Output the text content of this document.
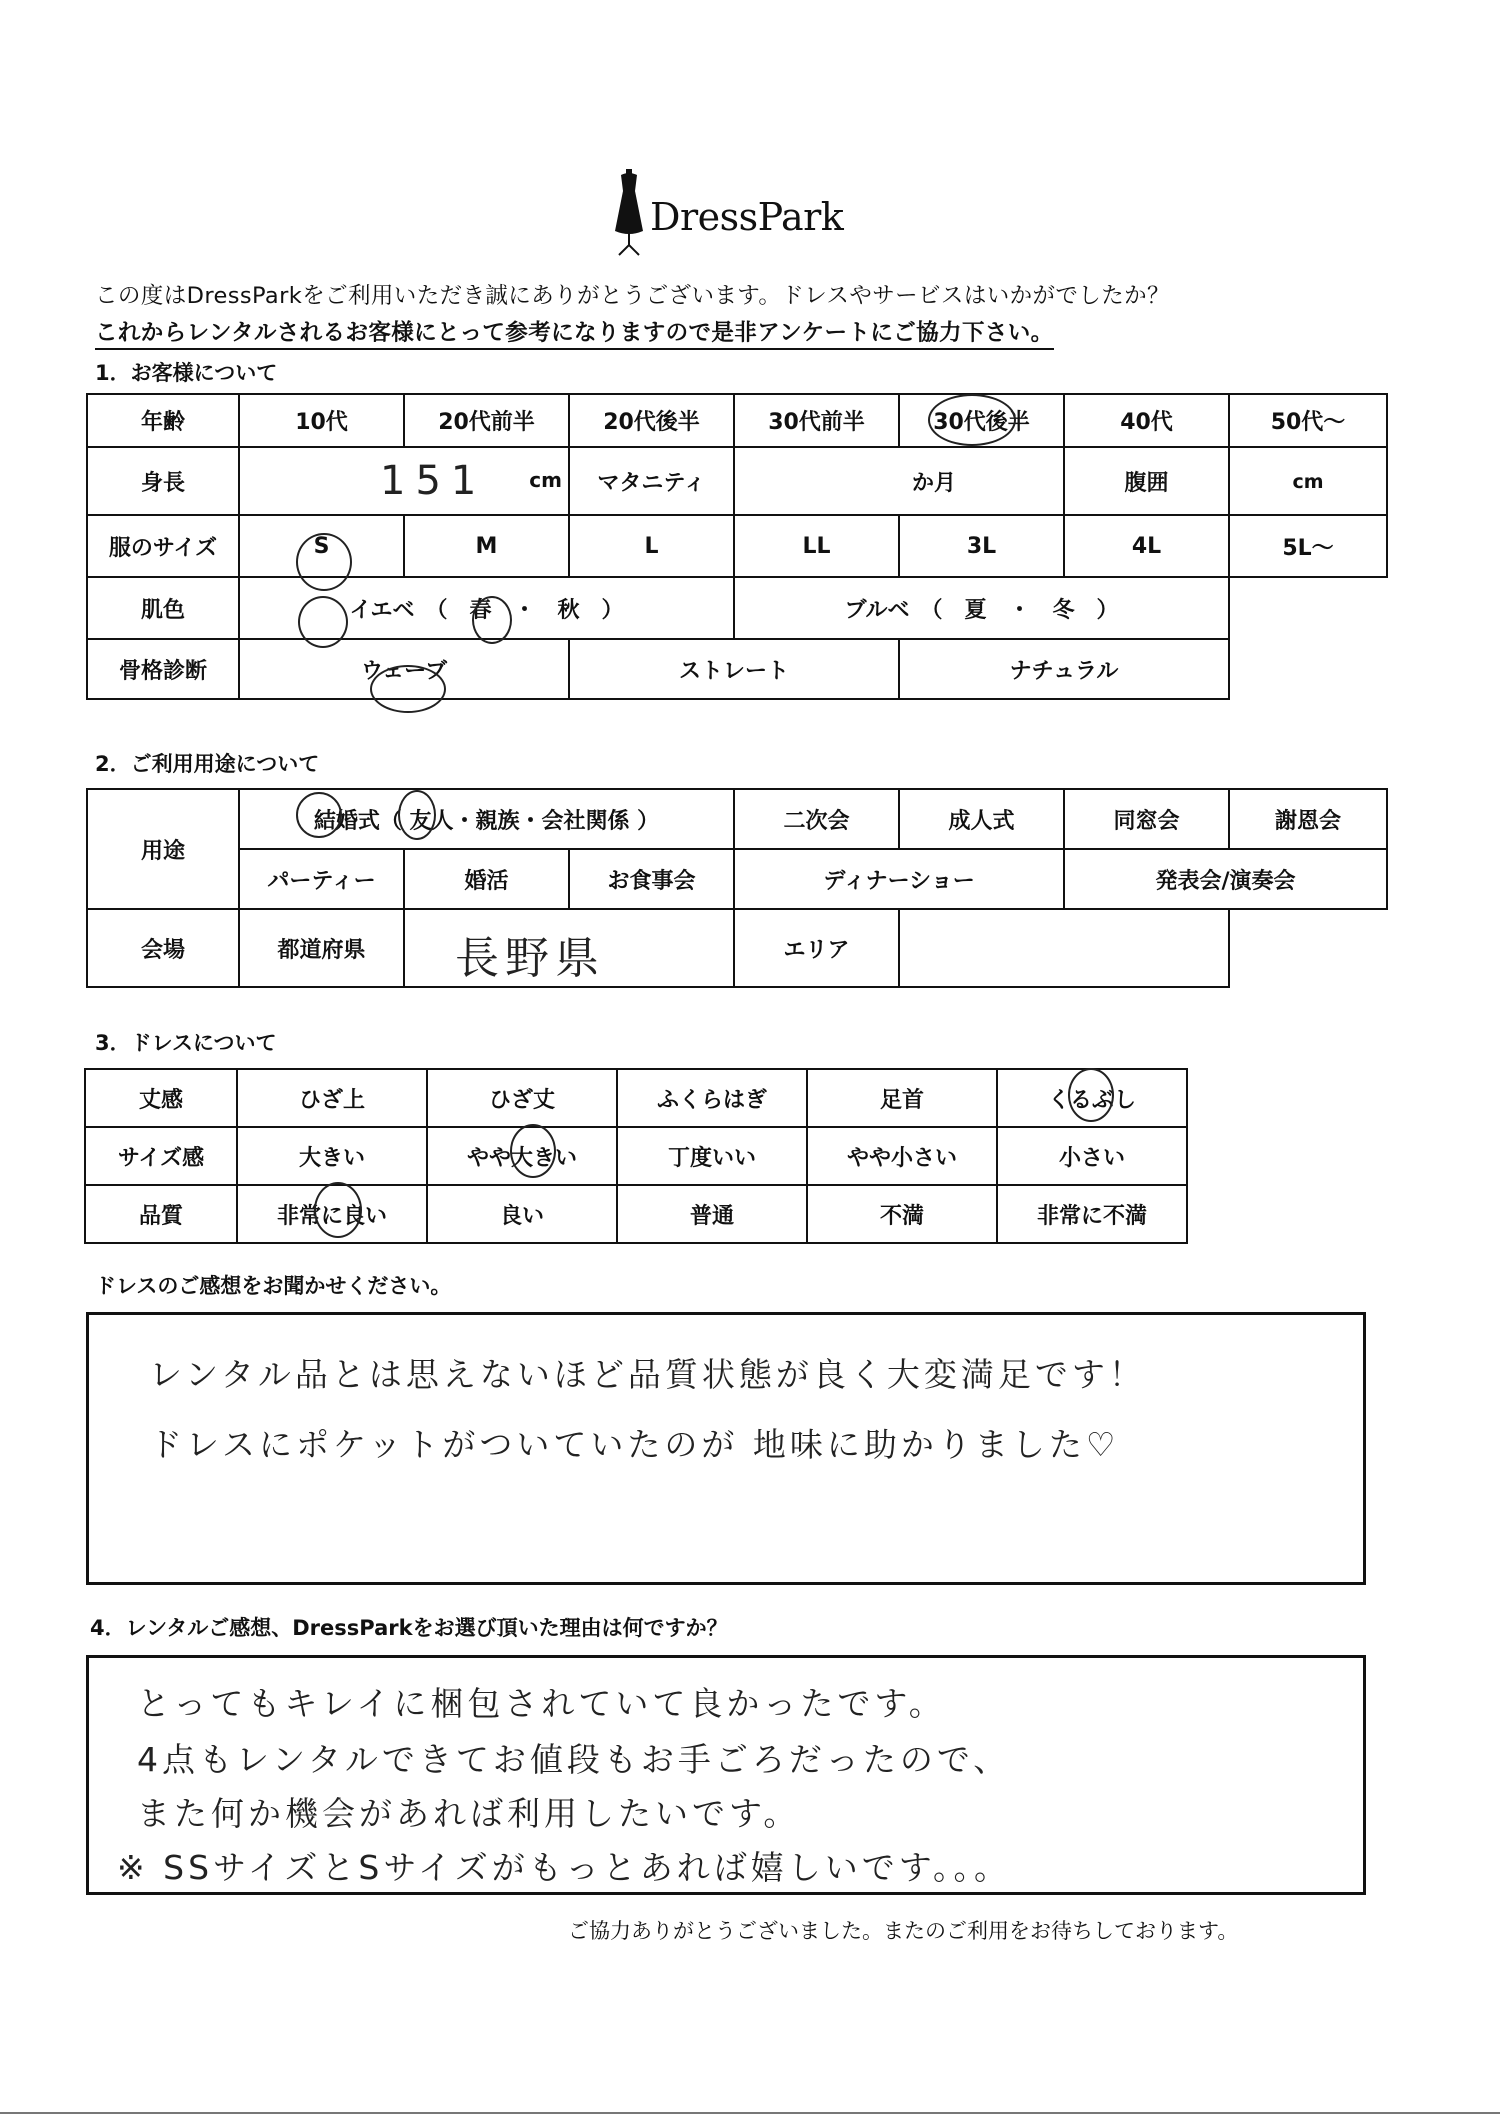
DressPark
この度はDressParkをご利用いただき誠にありがとうございます。ドレスやサービスはいかがでしたか？
これからレンタルされるお客様にとって参考になりますので是非アンケートにご協力下さい。
1．お客様について
年齢	10代	20代前半	20代後半	30代前半	30代後半	40代	50代～
身長	151 cm		マタニティ	か月		腹囲	cm
服のサイズ	S	M	L	LL	3L	4L	5L～
肌色	イエベ　（　春　・　秋　）			ブルベ　（　夏　・　冬　）			
骨格診断	ウェーブ		ストレート		ナチュラル		
2．ご利用用途について
用途	結婚式（ 友人・親族・会社関係 ）			二次会	成人式	同窓会	謝恩会
	パーティー	婚活	お食事会	ディナーショー		発表会/演奏会	
会場	都道府県	長野県		エリア			
3．ドレスについて
丈感	ひざ上	ひざ丈	ふくらはぎ	足首	くるぶし
サイズ感	大きい	やや大きい	丁度いい	やや小さい	小さい
品質	非常に良い	良い	普通	不満	非常に不満
ドレスのご感想をお聞かせください。
レンタル品とは思えないほど品質状態が良く大変満足です！
ドレスにポケットがついていたのが 地味に助かりました♡
4．レンタルご感想、DressParkをお選び頂いた理由は何ですか？
とってもキレイに梱包されていて良かったです。
4点もレンタルできてお値段もお手ごろだったので、
また何か機会があれば利用したいです。
※ SSサイズとSサイズがもっとあれば嬉しいです。。。
ご協力ありがとうございました。またのご利用をお待ちしております。
